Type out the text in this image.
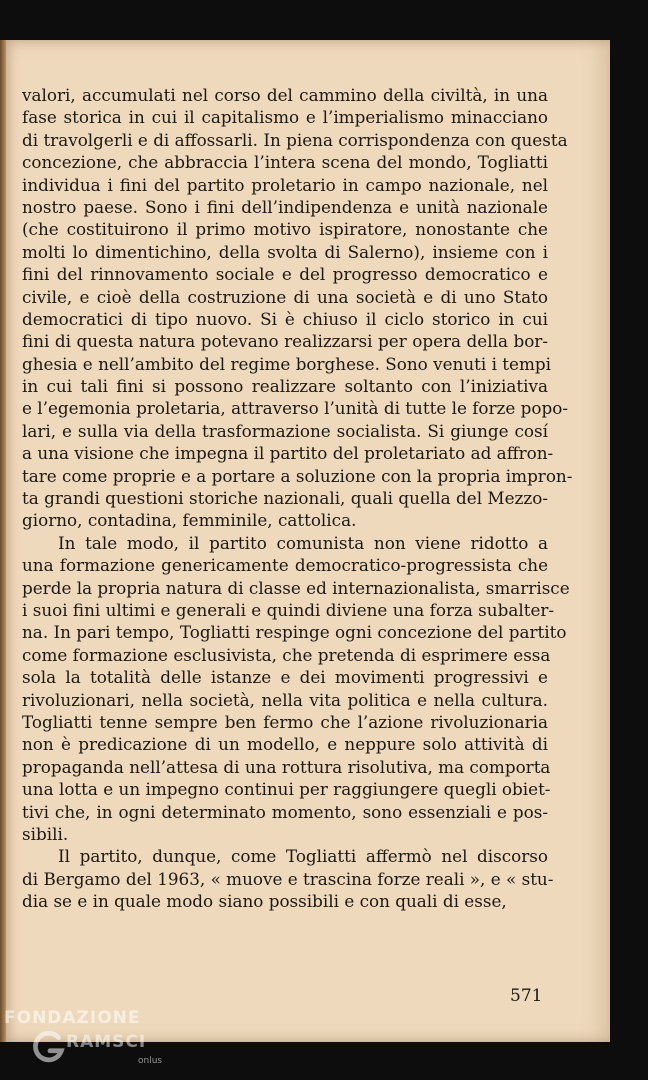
valori, accumulati nel corso del cammino della civiltà, in una
fase storica in cui il capitalismo e l’imperialismo minacciano
di travolgerli e di affossarli. In piena corrispondenza con questa
concezione, che abbraccia l’intera scena del mondo, Togliatti
individua i fini del partito proletario in campo nazionale, nel
nostro paese. Sono i fini dell’indipendenza e unità nazionale
(che costituirono il primo motivo ispiratore, nonostante che
molti lo dimentichino, della svolta di Salerno), insieme con i
fini del rinnovamento sociale e del progresso democratico e
civile, e cioè della costruzione di una società e di uno Stato
democratici di tipo nuovo. Si è chiuso il ciclo storico in cui
fini di questa natura potevano realizzarsi per opera della bor-
ghesia e nell’ambito del regime borghese. Sono venuti i tempi
in cui tali fini si possono realizzare soltanto con l’iniziativa
e l’egemonia proletaria, attraverso l’unità di tutte le forze popo-
lari, e sulla via della trasformazione socialista. Si giunge cosí
a una visione che impegna il partito del proletariato ad affron-
tare come proprie e a portare a soluzione con la propria impron-
ta grandi questioni storiche nazionali, quali quella del Mezzo-
giorno, contadina, femminile, cattolica.
In tale modo, il partito comunista non viene ridotto a
una formazione genericamente democratico-progressista che
perde la propria natura di classe ed internazionalista, smarrisce
i suoi fini ultimi e generali e quindi diviene una forza subalter-
na. In pari tempo, Togliatti respinge ogni concezione del partito
come formazione esclusivista, che pretenda di esprimere essa
sola la totalità delle istanze e dei movimenti progressivi e
rivoluzionari, nella società, nella vita politica e nella cultura.
Togliatti tenne sempre ben fermo che l’azione rivoluzionaria
non è predicazione di un modello, e neppure solo attività di
propaganda nell’attesa di una rottura risolutiva, ma comporta
una lotta e un impegno continui per raggiungere quegli obiet-
tivi che, in ogni determinato momento, sono essenziali e pos-
sibili.
Il partito, dunque, come Togliatti affermò nel discorso
di Bergamo del 1963, « muove e trascina forze reali », e « stu-
dia se e in quale modo siano possibili e con quali di esse,
571
FONDAZIONE
RAMSCI
onlus
